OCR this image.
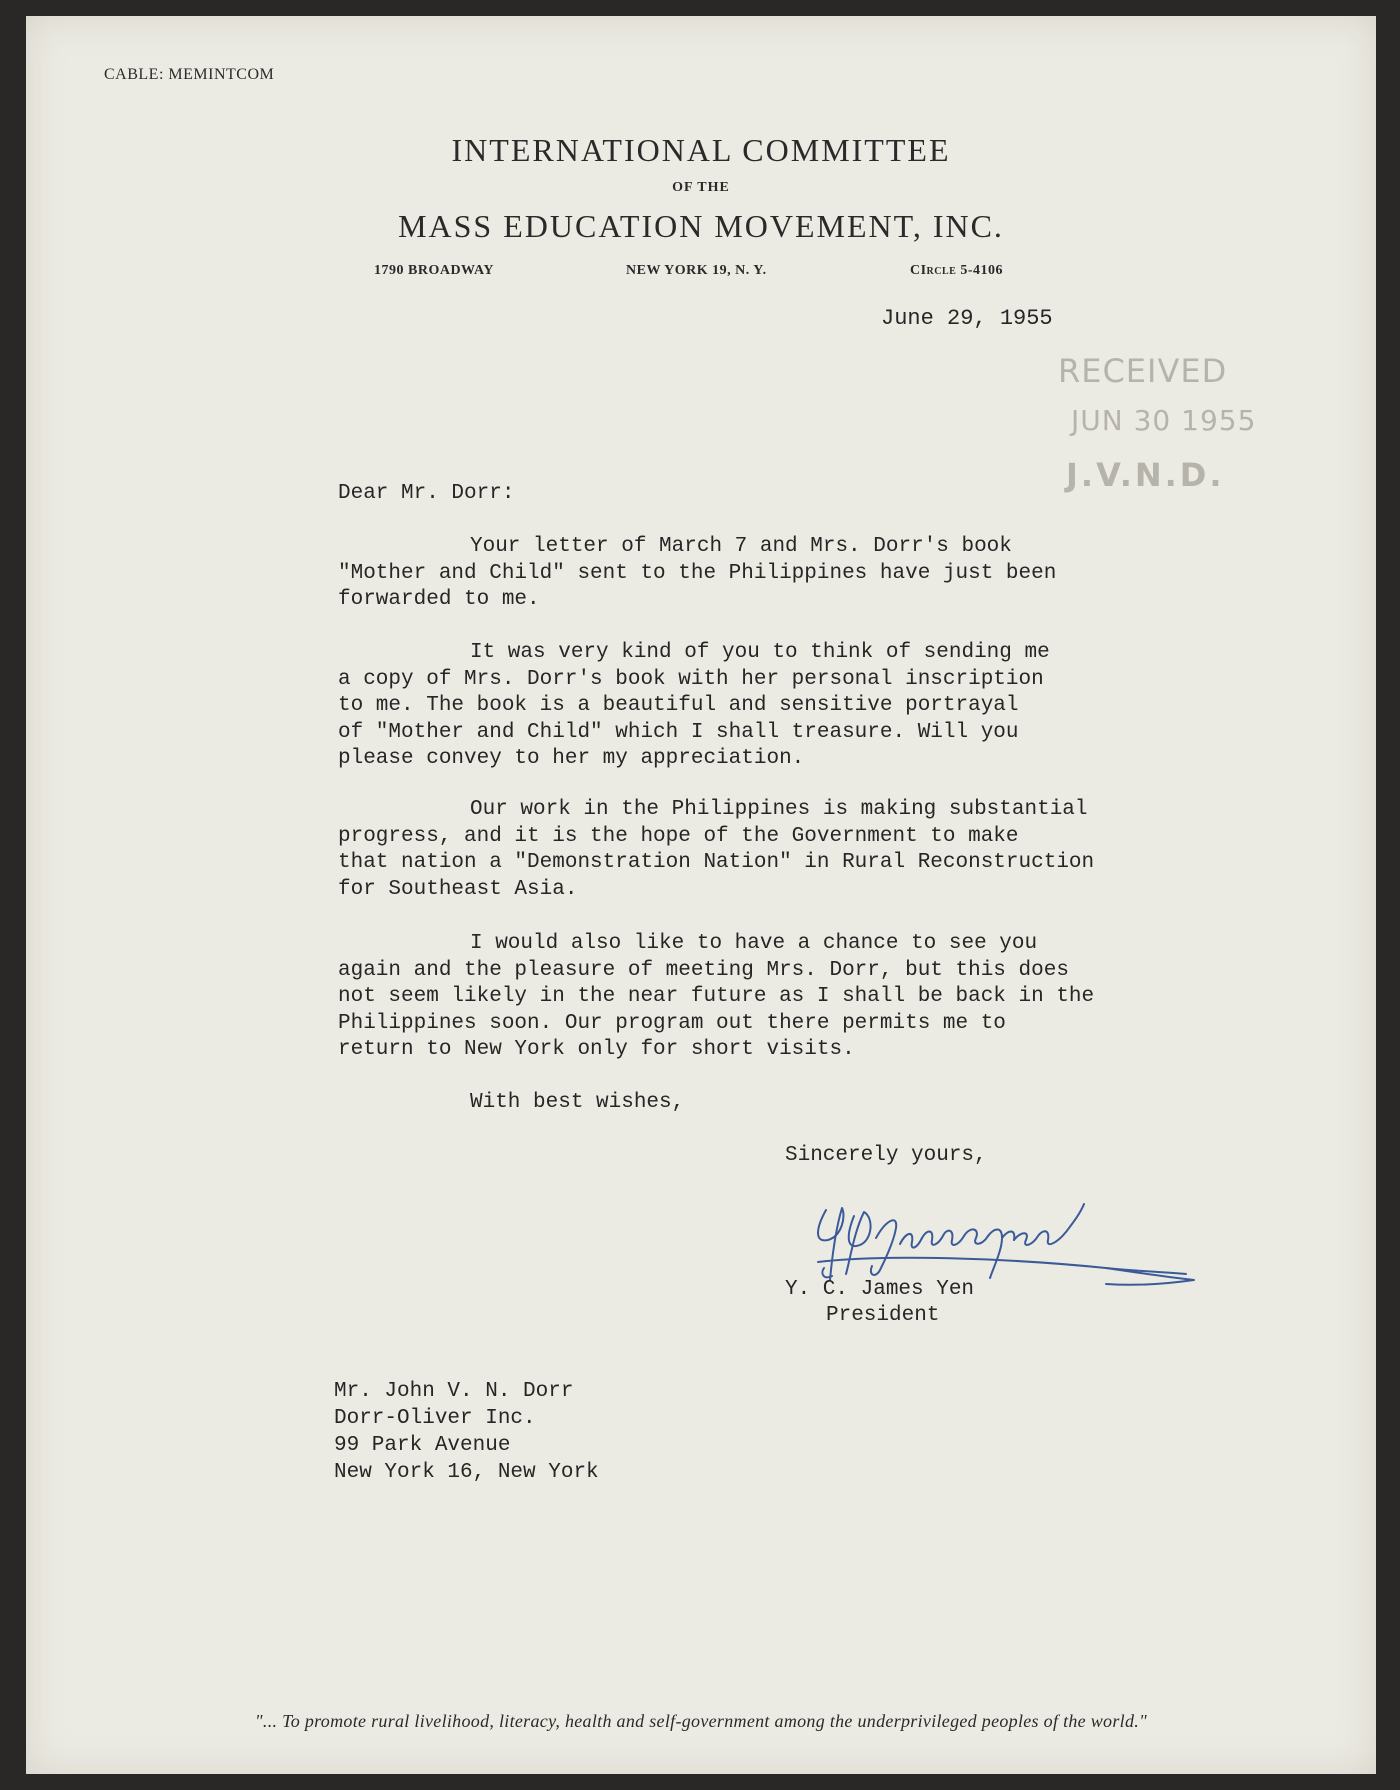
CABLE: MEMINTCOM
INTERNATIONAL COMMITTEE
OF THE
MASS EDUCATION MOVEMENT, INC.
1790 BROADWAY	NEW YORK 19, N. Y.	CIrcle 5-4106
June 29, 1955
RECEIVED
JUN 30 1955
J.V.N.D.
Dear Mr. Dorr:

Your letter of March 7 and Mrs. Dorr's book
"Mother and Child" sent to the Philippines have just been
forwarded to me.

It was very kind of you to think of sending me
a copy of Mrs. Dorr's book with her personal inscription
to me. The book is a beautiful and sensitive portrayal
of "Mother and Child" which I shall treasure. Will you
please convey to her my appreciation.

Our work in the Philippines is making substantial
progress, and it is the hope of the Government to make
that nation a "Demonstration Nation" in Rural Reconstruction
for Southeast Asia.

I would also like to have a chance to see you
again and the pleasure of meeting Mrs. Dorr, but this does
not seem likely in the near future as I shall be back in the
Philippines soon. Our program out there permits me to
return to New York only for short visits.

With best wishes,
Sincerely yours,
Y. C. James Yen
President
Mr. John V. N. Dorr
Dorr-Oliver Inc.
99 Park Avenue
New York 16, New York
"... To promote rural livelihood, literacy, health and self-government among the underprivileged peoples of the world."
